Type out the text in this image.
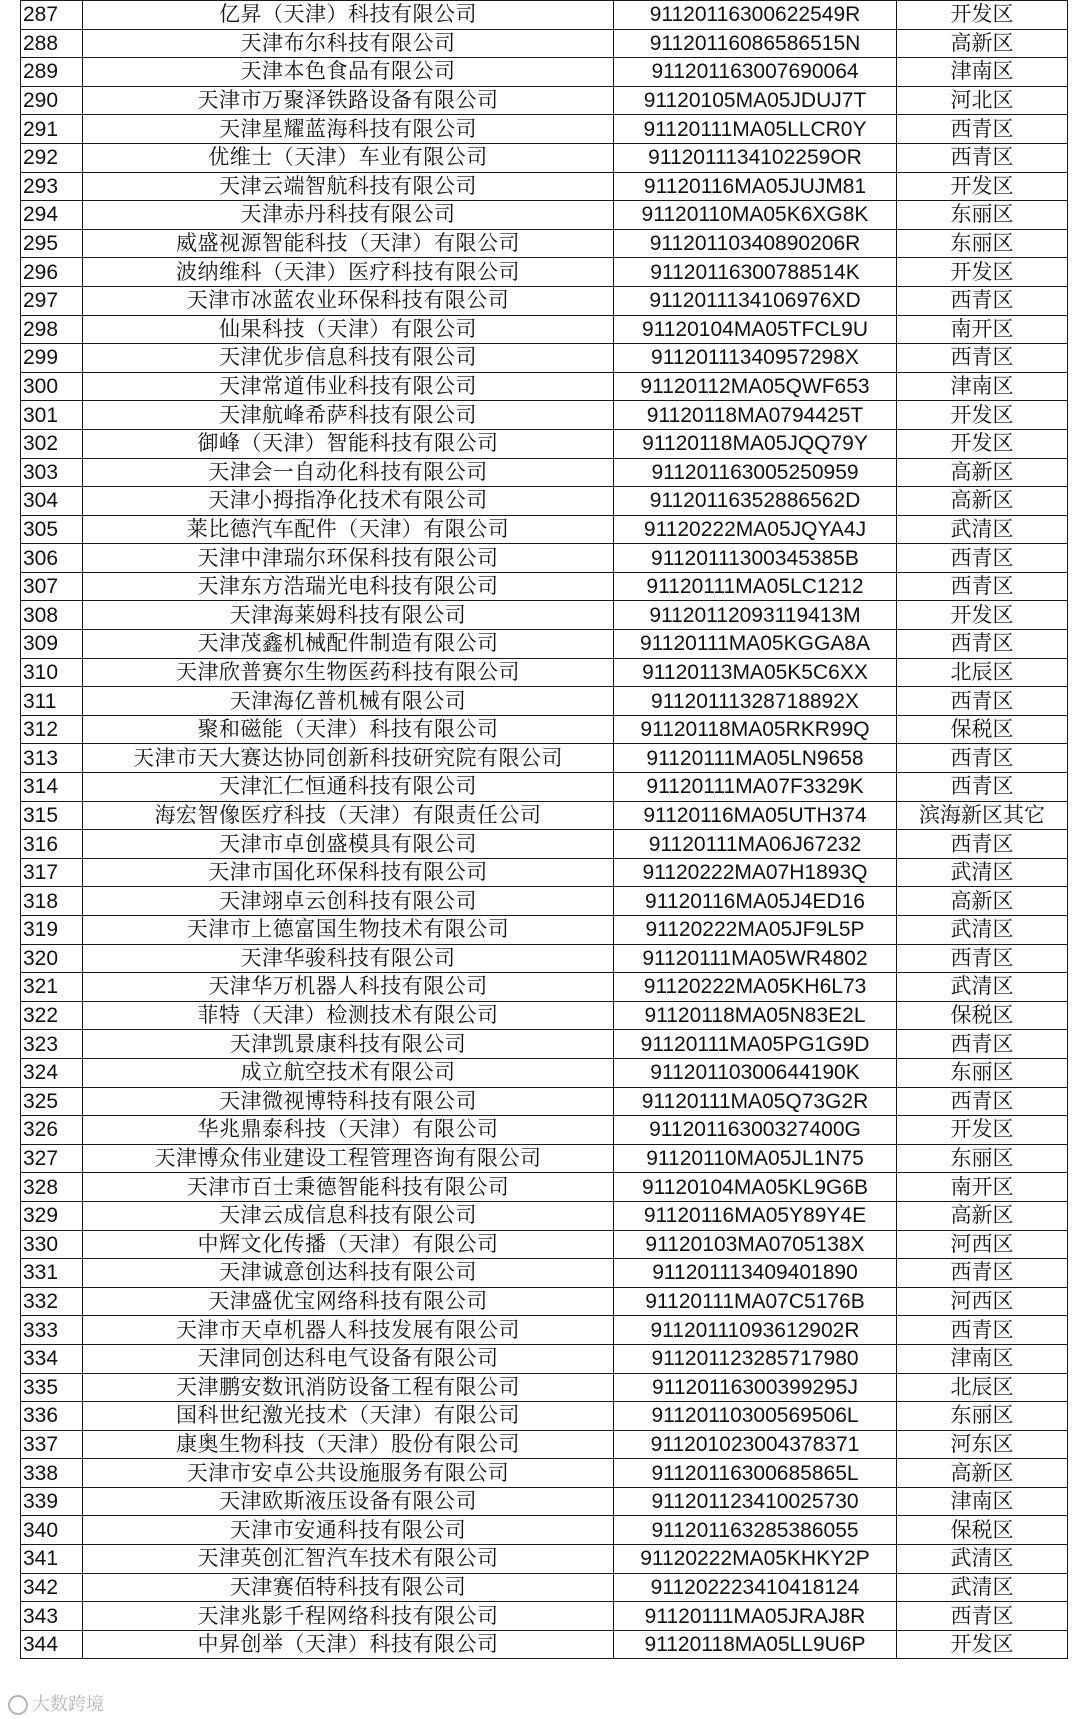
287	亿昇（天津）科技有限公司	91120116300622549R	开发区
288	天津布尔科技有限公司	91120116086586515N	高新区
289	天津本色食品有限公司	911201163007690064	津南区
290	天津市万聚泽铁路设备有限公司	91120105MA05JDUJ7T	河北区
291	天津星耀蓝海科技有限公司	91120111MA05LLCR0Y	西青区
292	优维士（天津）车业有限公司	9112011134102259OR	西青区
293	天津云端智航科技有限公司	91120116MA05JUJM81	开发区
294	天津赤丹科技有限公司	91120110MA05K6XG8K	东丽区
295	威盛视源智能科技（天津）有限公司	91120110340890206R	东丽区
296	波纳维科（天津）医疗科技有限公司	91120116300788514K	开发区
297	天津市冰蓝农业环保科技有限公司	9112011134106976XD	西青区
298	仙果科技（天津）有限公司	91120104MA05TFCL9U	南开区
299	天津优步信息科技有限公司	91120111340957298X	西青区
300	天津常道伟业科技有限公司	91120112MA05QWF653	津南区
301	天津航峰希萨科技有限公司	91120118MA0794425T	开发区
302	御峰（天津）智能科技有限公司	91120118MA05JQQ79Y	开发区
303	天津会一自动化科技有限公司	911201163005250959	高新区
304	天津小拇指净化技术有限公司	91120116352886562D	高新区
305	莱比德汽车配件（天津）有限公司	91120222MA05JQYA4J	武清区
306	天津中津瑞尔环保科技有限公司	91120111300345385B	西青区
307	天津东方浩瑞光电科技有限公司	91120111MA05LC1212	西青区
308	天津海莱姆科技有限公司	91120112093119413M	开发区
309	天津茂鑫机械配件制造有限公司	91120111MA05KGGA8A	西青区
310	天津欣普赛尔生物医药科技有限公司	91120113MA05K5C6XX	北辰区
311	天津海亿普机械有限公司	91120111328718892X	西青区
312	聚和磁能（天津）科技有限公司	91120118MA05RKR99Q	保税区
313	天津市天大赛达协同创新科技研究院有限公司	91120111MA05LN9658	西青区
314	天津汇仁恒通科技有限公司	91120111MA07F3329K	西青区
315	海宏智像医疗科技（天津）有限责任公司	91120116MA05UTH374	滨海新区其它
316	天津市卓创盛模具有限公司	91120111MA06J67232	西青区
317	天津市国化环保科技有限公司	91120222MA07H1893Q	武清区
318	天津翊卓云创科技有限公司	91120116MA05J4ED16	高新区
319	天津市上德富国生物技术有限公司	91120222MA05JF9L5P	武清区
320	天津华骏科技有限公司	91120111MA05WR4802	西青区
321	天津华万机器人科技有限公司	91120222MA05KH6L73	武清区
322	菲特（天津）检测技术有限公司	91120118MA05N83E2L	保税区
323	天津凯景康科技有限公司	91120111MA05PG1G9D	西青区
324	成立航空技术有限公司	91120110300644190K	东丽区
325	天津微视博特科技有限公司	91120111MA05Q73G2R	西青区
326	华兆鼎泰科技（天津）有限公司	91120116300327400G	开发区
327	天津博众伟业建设工程管理咨询有限公司	91120110MA05JL1N75	东丽区
328	天津市百士秉德智能科技有限公司	91120104MA05KL9G6B	南开区
329	天津云成信息科技有限公司	91120116MA05Y89Y4E	高新区
330	中辉文化传播（天津）有限公司	91120103MA0705138X	河西区
331	天津诚意创达科技有限公司	911201113409401890	西青区
332	天津盛优宝网络科技有限公司	91120111MA07C5176B	河西区
333	天津市天卓机器人科技发展有限公司	91120111093612902R	西青区
334	天津同创达科电气设备有限公司	911201123285717980	津南区
335	天津鹏安数讯消防设备工程有限公司	91120116300399295J	北辰区
336	国科世纪激光技术（天津）有限公司	91120110300569506L	东丽区
337	康奥生物科技（天津）股份有限公司	911201023004378371	河东区
338	天津市安卓公共设施服务有限公司	91120116300685865L	高新区
339	天津欧斯液压设备有限公司	911201123410025730	津南区
340	天津市安通科技有限公司	911201163285386055	保税区
341	天津英创汇智汽车技术有限公司	91120222MA05KHKY2P	武清区
342	天津赛佰特科技有限公司	911202223410418124	武清区
343	天津兆影千程网络科技有限公司	91120111MA05JRAJ8R	西青区
344	中昇创举（天津）科技有限公司	91120118MA05LL9U6P	开发区
大数跨境
